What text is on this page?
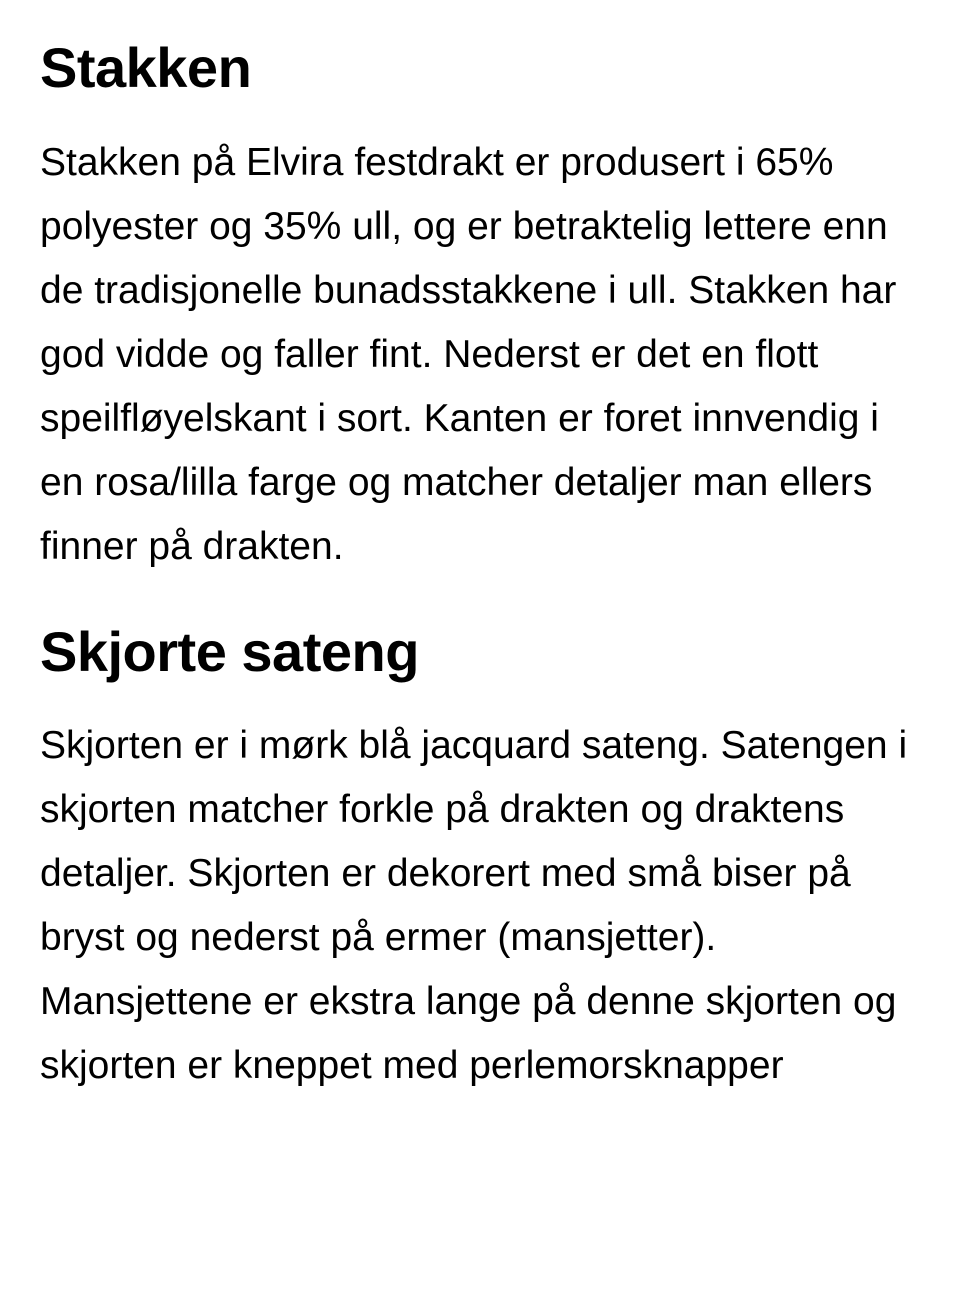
Stakken

Stakken på Elvira festdrakt er produsert i 65% polyester og 35% ull, og er betraktelig lettere enn de tradisjonelle bunadsstakkene i ull. Stakken har god vidde og faller fint. Nederst er det en flott speilfløyelskant i sort. Kanten er foret innvendig i en rosa/lilla farge og matcher detaljer man ellers finner på drakten.

Skjorte sateng

Skjorten er i mørk blå jacquard sateng. Satengen i skjorten matcher forkle på drakten og draktens detaljer. Skjorten er dekorert med små biser på bryst og nederst på ermer (mansjetter). Mansjettene er ekstra lange på denne skjorten og skjorten er kneppet med perlemorsknapper
